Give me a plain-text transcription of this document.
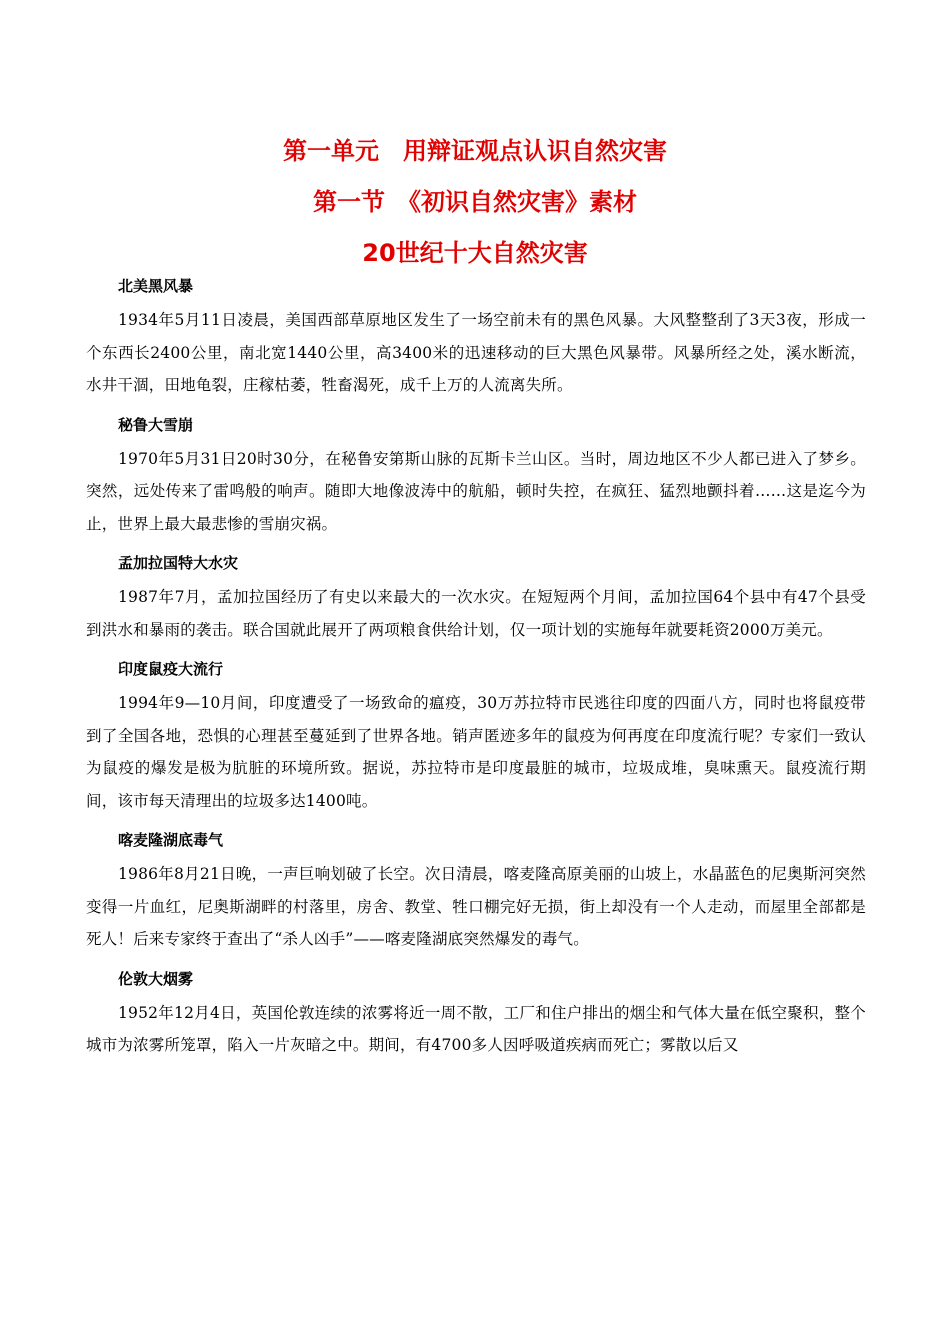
第一单元　用辩证观点认识自然灾害
第一节　《初识自然灾害》素材
20世纪十大自然灾害
北美黑风暴

1934年5月11日凌晨，美国西部草原地区发生了一场空前未有的黑色风暴。大风整整刮了3天3夜，形成一个东西长2400公里，南北宽1440公里，高3400米的迅速移动的巨大黑色风暴带。风暴所经之处，溪水断流，水井干涸，田地龟裂，庄稼枯萎，牲畜渴死，成千上万的人流离失所。

秘鲁大雪崩

1970年5月31日20时30分，在秘鲁安第斯山脉的瓦斯卡兰山区。当时，周边地区不少人都已进入了梦乡。突然，远处传来了雷鸣般的响声。随即大地像波涛中的航船，顿时失控，在疯狂、猛烈地颤抖着……这是迄今为止，世界上最大最悲惨的雪崩灾祸。

孟加拉国特大水灾

1987年7月，孟加拉国经历了有史以来最大的一次水灾。在短短两个月间，孟加拉国64个县中有47个县受到洪水和暴雨的袭击。联合国就此展开了两项粮食供给计划，仅一项计划的实施每年就要耗资2000万美元。

印度鼠疫大流行

1994年9—10月间，印度遭受了一场致命的瘟疫，30万苏拉特市民逃往印度的四面八方，同时也将鼠疫带到了全国各地，恐惧的心理甚至蔓延到了世界各地。销声匿迹多年的鼠疫为何再度在印度流行呢？专家们一致认为鼠疫的爆发是极为肮脏的环境所致。据说，苏拉特市是印度最脏的城市，垃圾成堆，臭味熏天。鼠疫流行期间，该市每天清理出的垃圾多达1400吨。

喀麦隆湖底毒气

1986年8月21日晚，一声巨响划破了长空。次日清晨，喀麦隆高原美丽的山坡上，水晶蓝色的尼奥斯河突然变得一片血红，尼奥斯湖畔的村落里，房舍、教堂、牲口棚完好无损，街上却没有一个人走动，而屋里全部都是死人！后来专家终于查出了“杀人凶手”——喀麦隆湖底突然爆发的毒气。

伦敦大烟雾

1952年12月4日，英国伦敦连续的浓雾将近一周不散，工厂和住户排出的烟尘和气体大量在低空聚积，整个城市为浓雾所笼罩，陷入一片灰暗之中。期间，有4700多人因呼吸道疾病而死亡；雾散以后又
